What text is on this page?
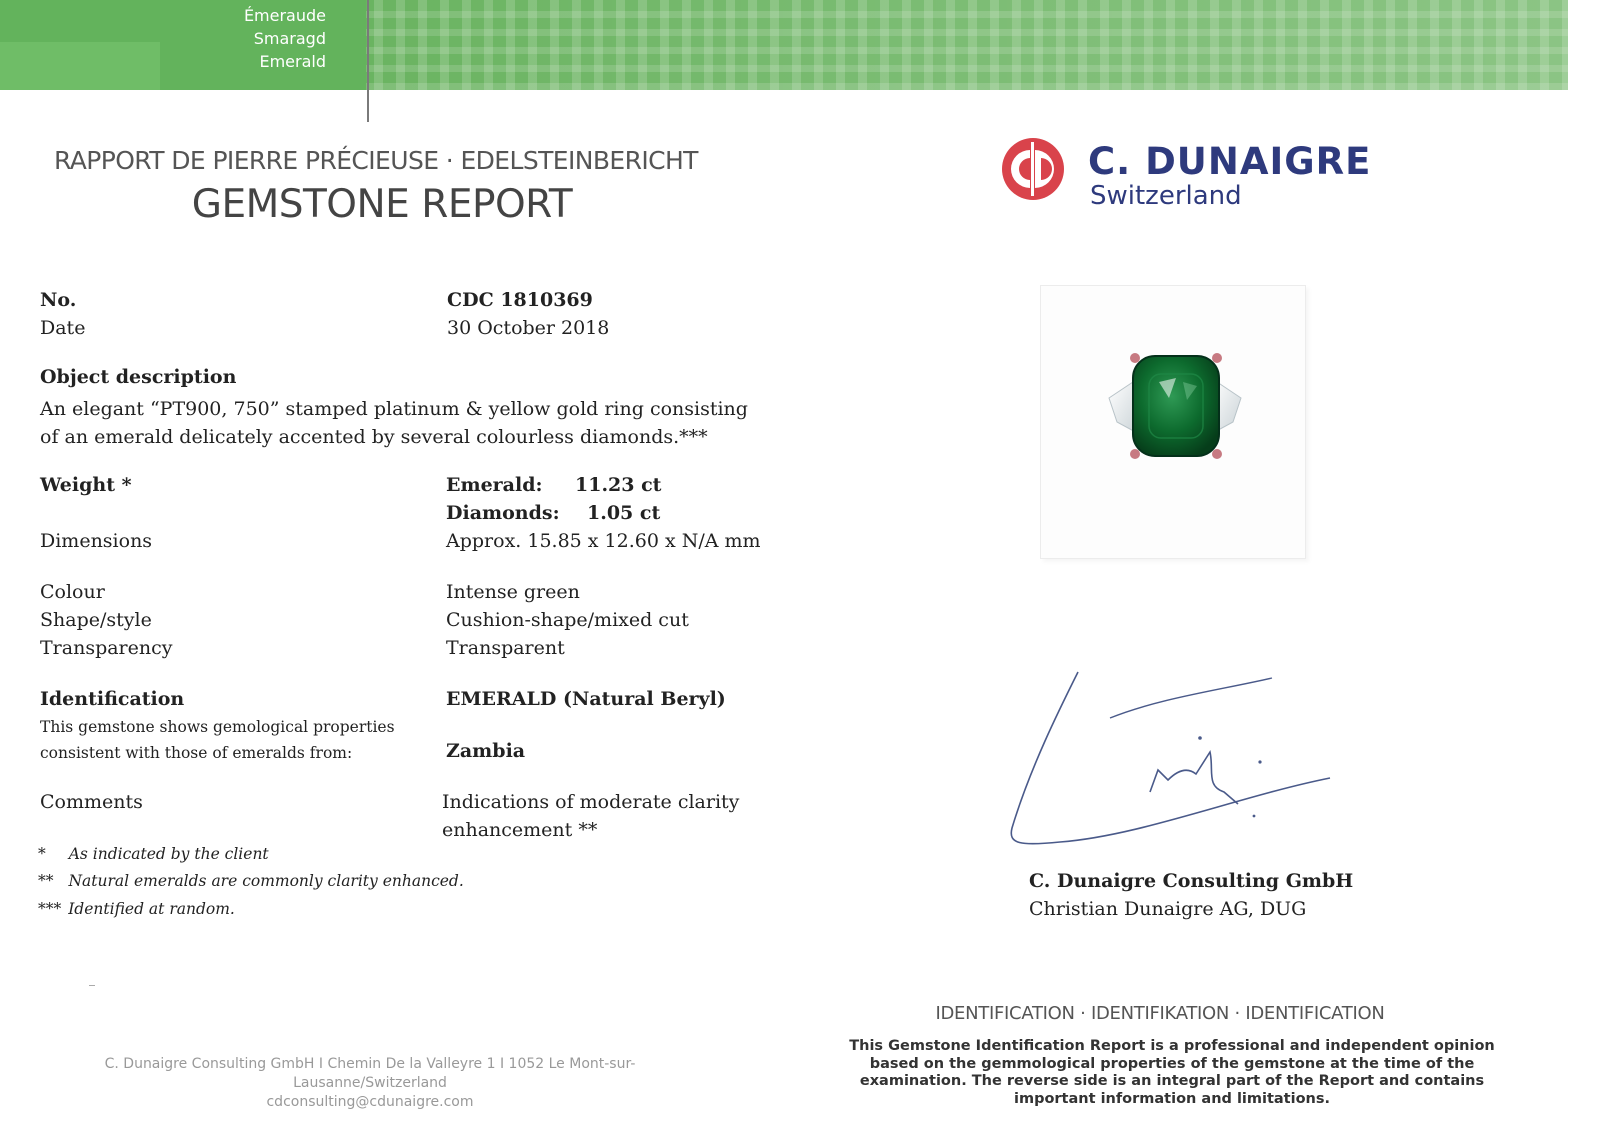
Émeraude
Smaragd
Emerald
RAPPORT DE PIERRE PRÉCIEUSE · EDELSTEINBERICHT
GEMSTONE REPORT
C. DUNAIGRE
Switzerland
No.	CDC 1810369
Date	30 October 2018
Object description
An elegant “PT900, 750” stamped platinum & yellow gold ring consisting of an emerald delicately accented by several colourless diamonds.***
Weight *	Emerald: 11.23 ct
Diamonds: 1.05 ct
Dimensions	Approx. 15.85 x 12.60 x N/A mm
Colour	Intense green
Shape/style	Cushion-shape/mixed cut
Transparency	Transparent
Identification	EMERALD (Natural Beryl)
This gemstone shows gemological properties
consistent with those of emeralds from:	Zambia
Comments	Indications of moderate clarity enhancement **
* As indicated by the client
** Natural emeralds are commonly clarity enhanced.
*** Identified at random.
C. Dunaigre Consulting GmbH
Christian Dunaigre AG, DUG
C. Dunaigre Consulting GmbH I Chemin De la Valleyre 1 I 1052 Le Mont-sur-Lausanne/Switzerland
cdconsulting@cdunaigre.com
IDENTIFICATION · IDENTIFIKATION · IDENTIFICATION
This Gemstone Identification Report is a professional and independent opinion based on the gemmological properties of the gemstone at the time of the examination. The reverse side is an integral part of the Report and contains important information and limitations.
